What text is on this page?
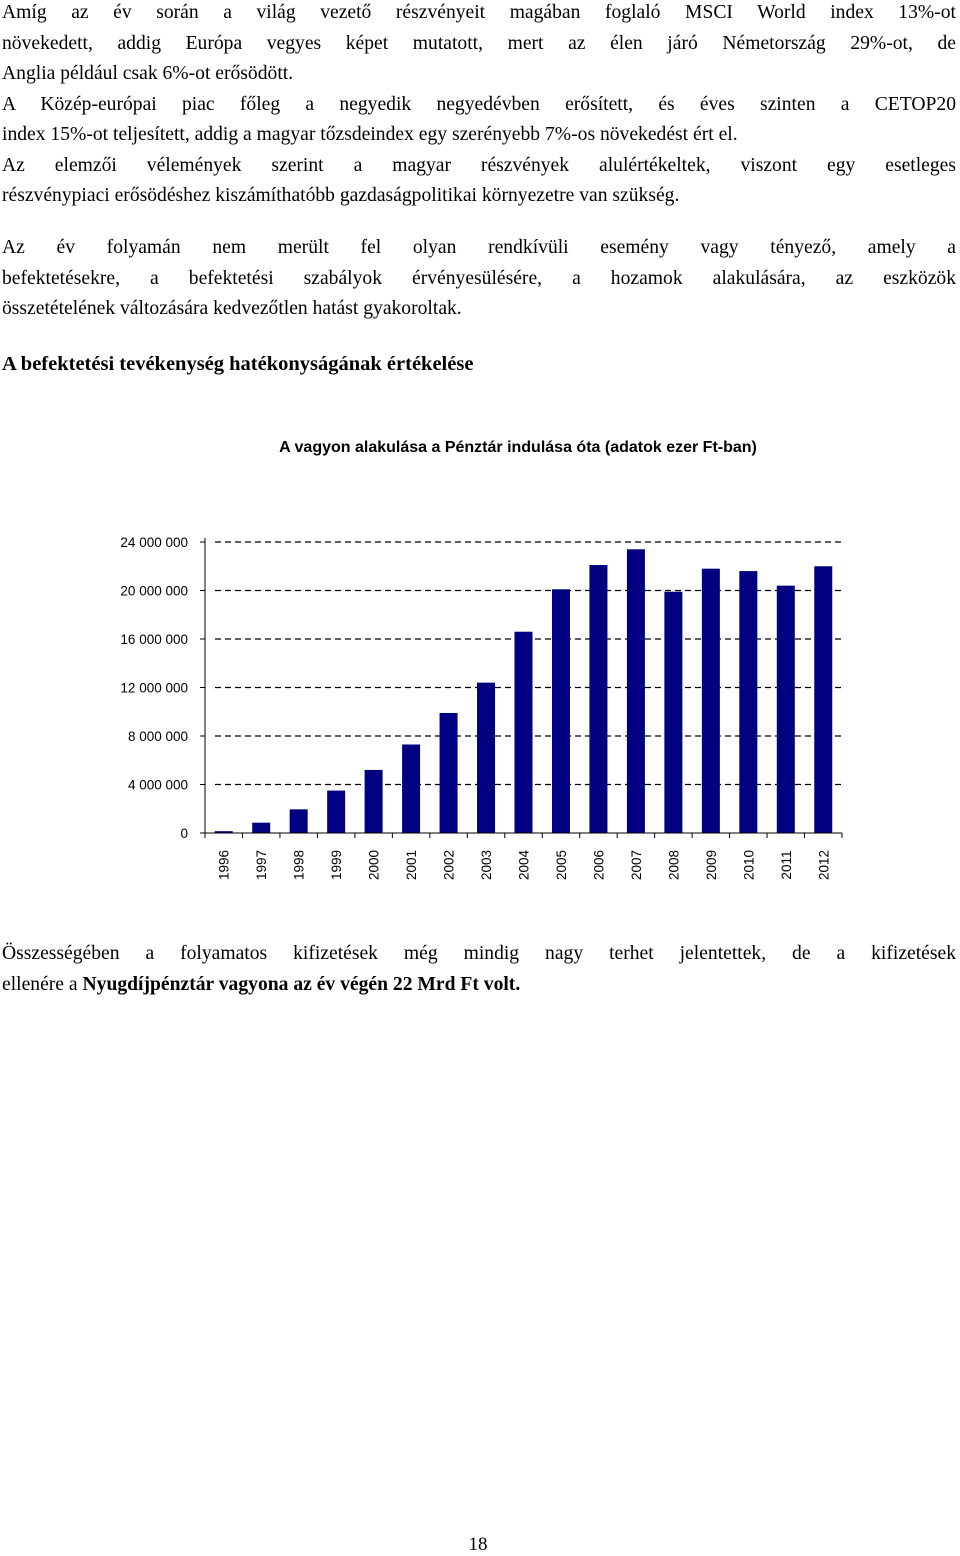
Amíg az év során a világ vezető részvényeit magában foglaló MSCI World index 13%-ot
növekedett, addig Európa vegyes képet mutatott, mert az élen járó Németország 29%-ot, de
Anglia például csak 6%-ot erősödött.
A Közép-európai piac főleg a negyedik negyedévben erősített, és éves szinten a CETOP20
index 15%-ot teljesített, addig a magyar tőzsdeindex egy szerényebb 7%-os növekedést ért el.
Az elemzői vélemények szerint a magyar részvények alulértékeltek, viszont egy esetleges
részvénypiaci erősödéshez kiszámíthatóbb gazdaságpolitikai környezetre van szükség.
Az év folyamán nem merült fel olyan rendkívüli esemény vagy tényező, amely a
befektetésekre, a befektetési szabályok érvényesülésére, a hozamok alakulására, az eszközök
összetételének változására kedvezőtlen hatást gyakoroltak.
A befektetési tevékenység hatékonyságának értékelése
A vagyon alakulása a Pénztár indulása óta (adatok ezer Ft-ban)
0
4 000 000
8 000 000
12 000 000
16 000 000
20 000 000
24 000 000
1996 1997 1998 1999 2000 2001 2002 2003 2004 2005 2006 2007 2008 2009 2010 2011 2012
Összességében a folyamatos kifizetések még mindig nagy terhet jelentettek, de a kifizetések
ellenére a Nyugdíjpénztár vagyona az év végén 22 Mrd Ft volt.
18
